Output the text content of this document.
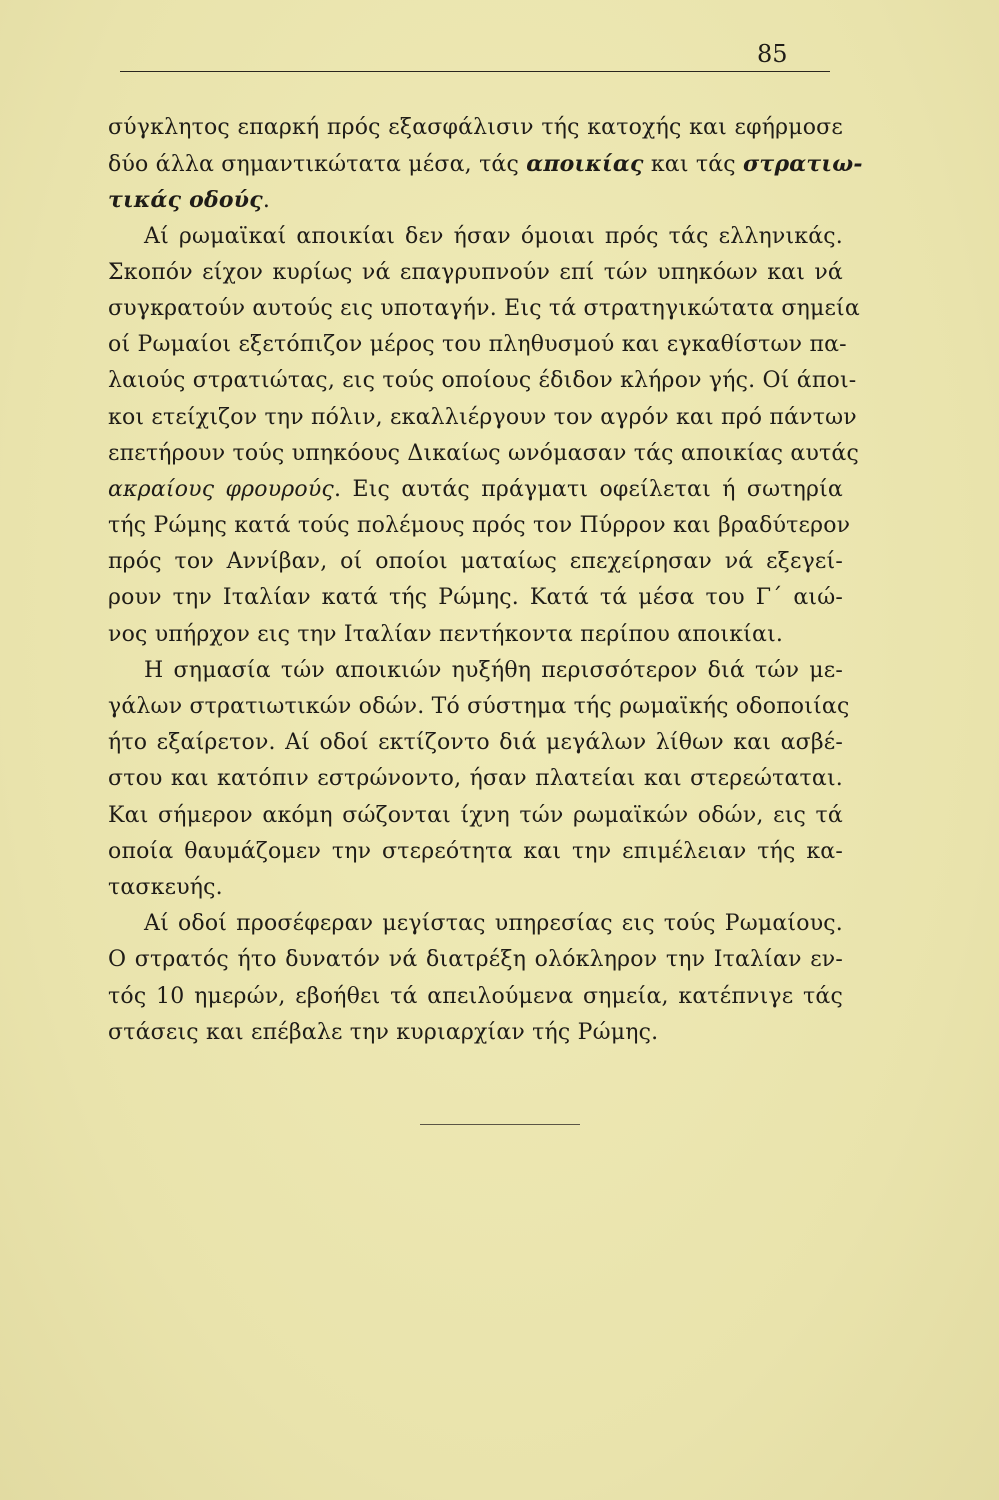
85
σύγκλητος επαρκή πρός εξασφάλισιν τής κατοχής και εφήρμοσε
δύο άλλα σημαντικώτατα μέσα, τάς αποικίας και τάς στρατιω-
τικάς οδούς.
Αί ρωμαϊκαί αποικίαι δεν ήσαν όμοιαι πρός τάς ελληνικάς.
Σκοπόν είχον κυρίως νά επαγρυπνούν επί τών υπηκόων και νά
συγκρατούν αυτούς εις υποταγήν. Εις τά στρατηγικώτατα σημεία
οί Ρωμαίοι εξετόπιζον μέρος του πληθυσμού και εγκαθίστων πα-
λαιούς στρατιώτας, εις τούς οποίους έδιδον κλήρον γής. Οί άποι-
κοι ετείχιζον την πόλιν, εκαλλιέργουν τον αγρόν και πρό πάντων
επετήρουν τούς υπηκόους Δικαίως ωνόμασαν τάς αποικίας αυτάς
ακραίους φρουρούς. Εις αυτάς πράγματι οφείλεται ή σωτηρία
τής Ρώμης κατά τούς πολέμους πρός τον Πύρρον και βραδύτερον
πρός τον Αννίβαν, οί οποίοι ματαίως επεχείρησαν νά εξεγεί-
ρουν την Ιταλίαν κατά τής Ρώμης. Κατά τά μέσα του Γ΄ αιώ-
νος υπήρχον εις την Ιταλίαν πεντήκοντα περίπου αποικίαι.
Η σημασία τών αποικιών ηυξήθη περισσότερον διά τών με-
γάλων στρατιωτικών οδών. Τό σύστημα τής ρωμαϊκής οδοποιίας
ήτο εξαίρετον. Αί οδοί εκτίζοντο διά μεγάλων λίθων και ασβέ-
στου και κατόπιν εστρώνοντο, ήσαν πλατείαι και στερεώταται.
Και σήμερον ακόμη σώζονται ίχνη τών ρωμαϊκών οδών, εις τά
οποία θαυμάζομεν την στερεότητα και την επιμέλειαν τής κα-
τασκευής.
Αί οδοί προσέφεραν μεγίστας υπηρεσίας εις τούς Ρωμαίους.
Ο στρατός ήτο δυνατόν νά διατρέξη ολόκληρον την Ιταλίαν εν-
τός 10 ημερών, εβοήθει τά απειλούμενα σημεία, κατέπνιγε τάς
στάσεις και επέβαλε την κυριαρχίαν τής Ρώμης.
